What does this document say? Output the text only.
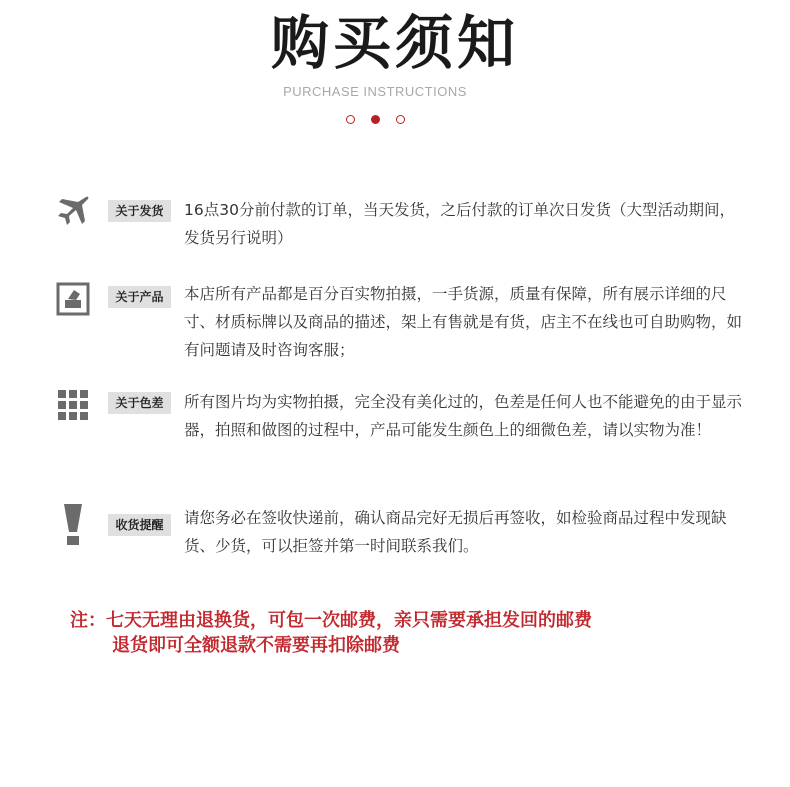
购买须知
PURCHASE INSTRUCTIONS
关于发货	16点30分前付款的订单，当天发货，之后付款的订单次日发货（大型活动期间，发货另行说明）
关于产品	本店所有产品都是百分百实物拍摄，一手货源，质量有保障，所有展示详细的尺寸、材质标牌以及商品的描述，架上有售就是有货，店主不在线也可自助购物，如有问题请及时咨询客服；
关于色差	所有图片均为实物拍摄，完全没有美化过的，色差是任何人也不能避免的由于显示器，拍照和做图的过程中，产品可能发生颜色上的细微色差，请以实物为准！
收货提醒	请您务必在签收快递前，确认商品完好无损后再签收，如检验商品过程中发现缺货、少货，可以拒签并第一时间联系我们。
注：七天无理由退换货，可包一次邮费，亲只需要承担发回的邮费
退货即可全额退款不需要再扣除邮费
